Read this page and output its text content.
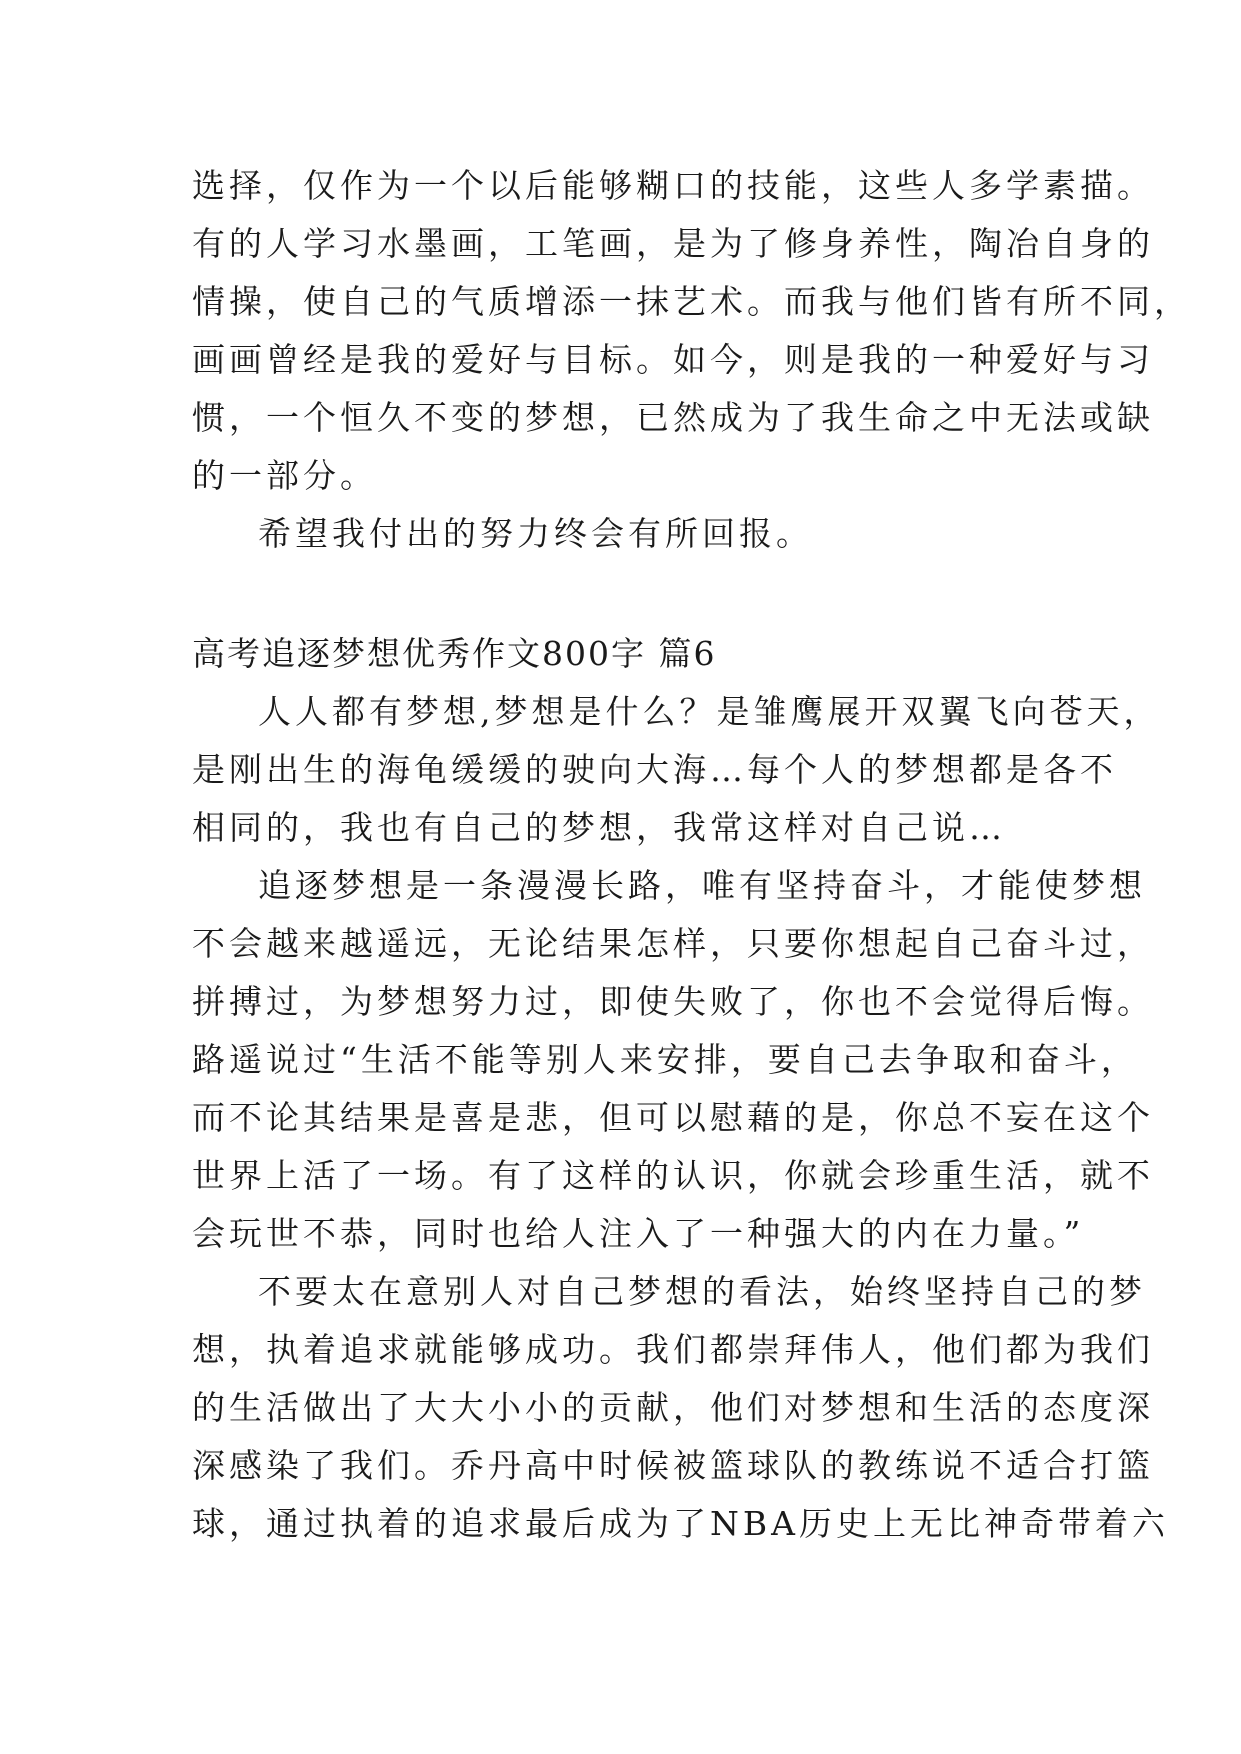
选择，仅作为一个以后能够糊口的技能，这些人多学素描。
有的人学习水墨画，工笔画，是为了修身养性，陶冶自身的
情操，使自己的气质增添一抹艺术。而我与他们皆有所不同，
画画曾经是我的爱好与目标。如今，则是我的一种爱好与习
惯，一个恒久不变的梦想，已然成为了我生命之中无法或缺
的一部分。
希望我付出的努力终会有所回报。
高考追逐梦想优秀作文800字 篇6
人人都有梦想,梦想是什么？是雏鹰展开双翼飞向苍天，
是刚出生的海龟缓缓的驶向大海…每个人的梦想都是各不
相同的，我也有自己的梦想，我常这样对自己说…
追逐梦想是一条漫漫长路，唯有坚持奋斗，才能使梦想
不会越来越遥远，无论结果怎样，只要你想起自己奋斗过，
拼搏过，为梦想努力过，即使失败了，你也不会觉得后悔。
路遥说过“生活不能等别人来安排，要自己去争取和奋斗，
而不论其结果是喜是悲，但可以慰藉的是，你总不妄在这个
世界上活了一场。有了这样的认识，你就会珍重生活，就不
会玩世不恭，同时也给人注入了一种强大的内在力量。”
不要太在意别人对自己梦想的看法，始终坚持自己的梦
想，执着追求就能够成功。我们都崇拜伟人，他们都为我们
的生活做出了大大小小的贡献，他们对梦想和生活的态度深
深感染了我们。乔丹高中时候被篮球队的教练说不适合打篮
球，通过执着的追求最后成为了NBA历史上无比神奇带着六
